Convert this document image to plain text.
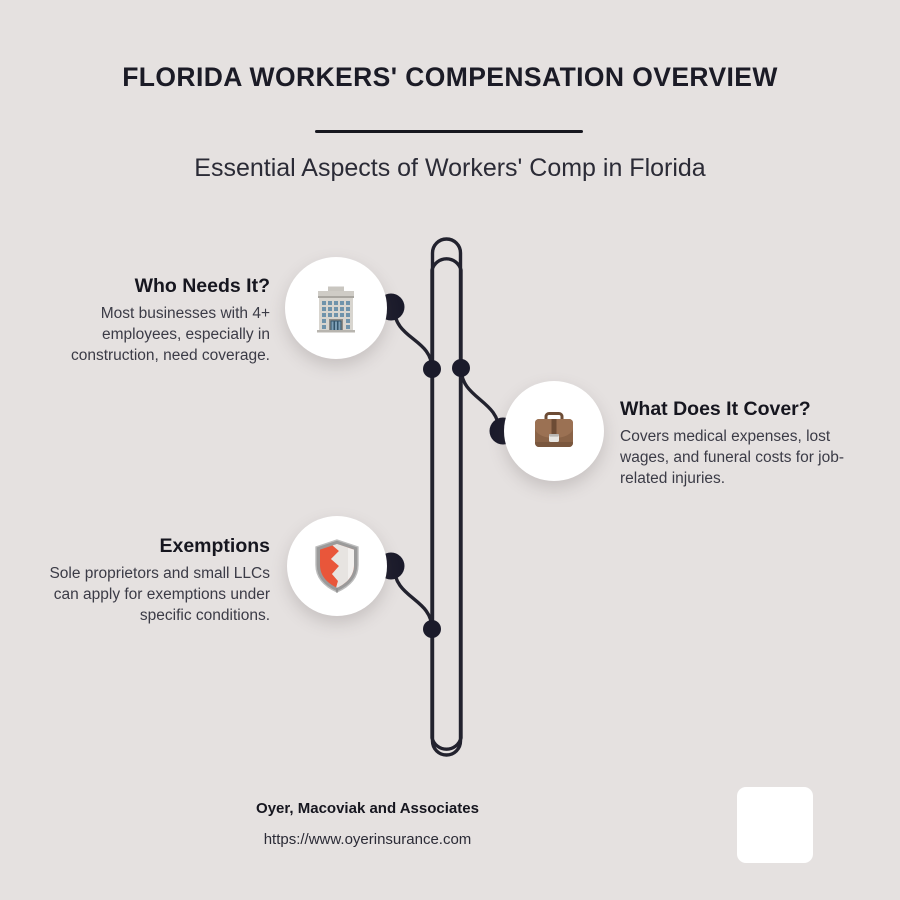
FLORIDA WORKERS' COMPENSATION OVERVIEW
Essential Aspects of Workers' Comp in Florida
Who Needs It?

Most businesses with 4+ employees, especially in construction, need coverage.

What Does It Cover?

Covers medical expenses, lost wages, and funeral costs for job-related injuries.

Exemptions

Sole proprietors and small LLCs can apply for exemptions under specific conditions.

Oyer, Macoviak and Associates
https://www.oyerinsurance.com
